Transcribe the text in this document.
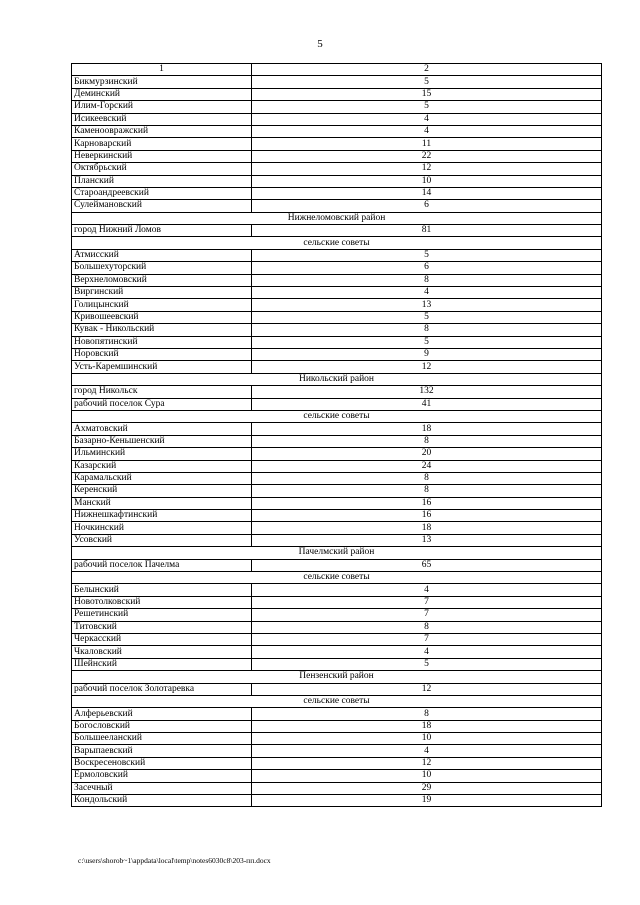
5
1	2
Бикмурзинский	5
Деминский	15
Илим-Горский	5
Исикеевский	4
Каменоовражский	4
Карноварский	11
Неверкинский	22
Октябрьский	12
Планский	10
Староандреевский	14
Сулеймановский	6
Нижнеломовский район	
город Нижний Ломов	81
сельские советы	
Атмисский	5
Большехуторский	6
Верхнеломовский	8
Виргинский	4
Голицынский	13
Кривошеевский	5
Кувак - Никольский	8
Новопятинский	5
Норовский	9
Усть-Каремшинский	12
Никольский район	
город Никольск	132
рабочий поселок Сура	41
сельские советы	
Ахматовский	18
Базарно-Кеньшенский	8
Ильминский	20
Казарский	24
Карамальский	8
Керенский	8
Манский	16
Нижнешкафтинский	16
Ночкинский	18
Усовский	13
Пачелмский район	
рабочий поселок Пачелма	65
сельские советы	
Белынский	4
Новотолковский	7
Решетинский	7
Титовский	8
Черкасский	7
Чкаловский	4
Шейнский	5
Пензенский район	
рабочий поселок Золотаревка	12
сельские советы	
Алферьевский	8
Богословский	18
Большееланский	10
Варыпаевский	4
Воскресеновский	12
Ермоловский	10
Засечный	29
Кондольский	19
c:\users\shorob~1\appdata\local\temp\notes6030c8\203-пп.docx
